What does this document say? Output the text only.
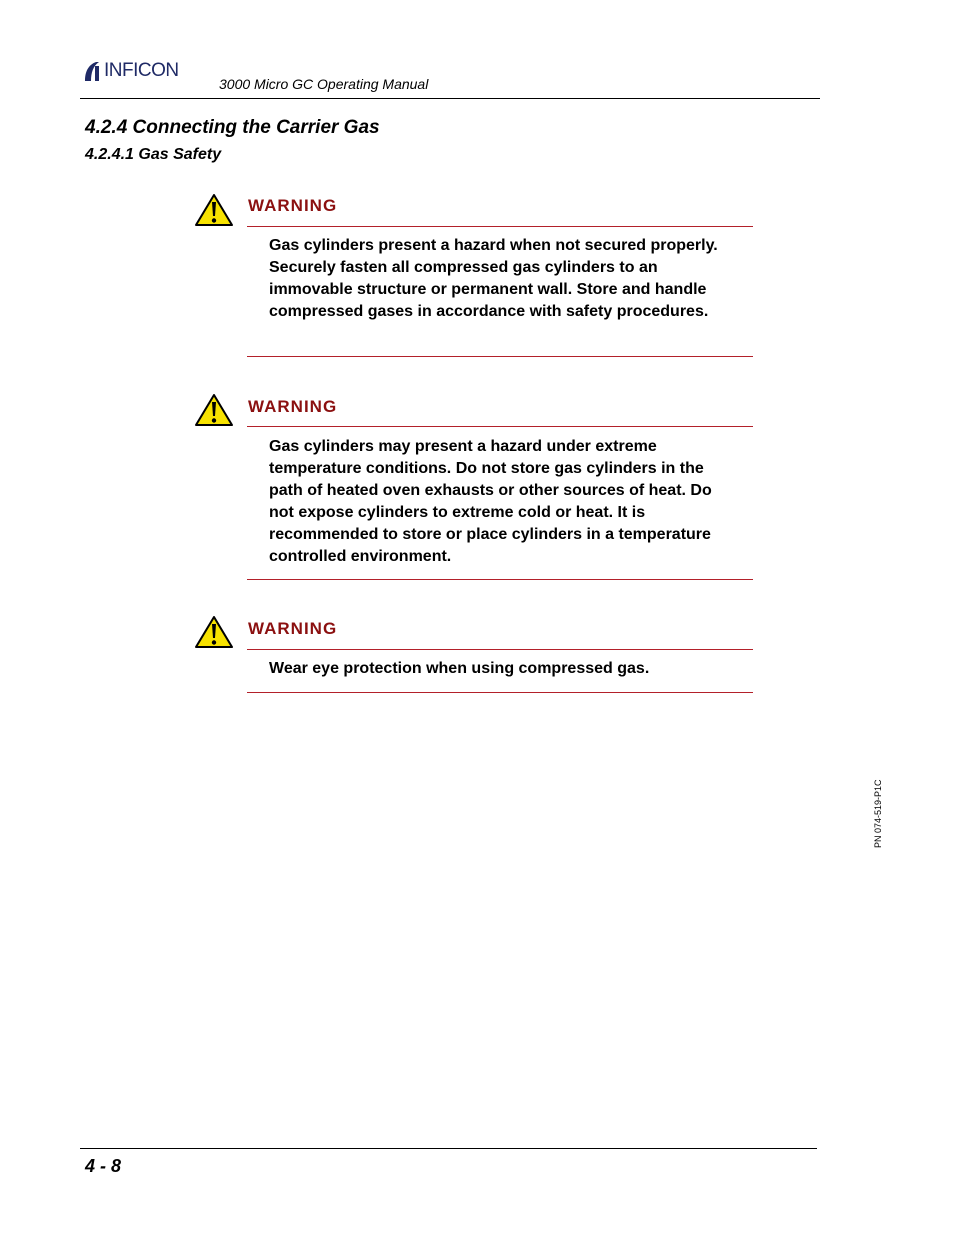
INFICON
3000 Micro GC Operating Manual
4.2.4 Connecting the Carrier Gas
4.2.4.1 Gas Safety
WARNING
Gas cylinders present a hazard when not secured properly. Securely fasten all compressed gas cylinders to an immovable structure or permanent wall. Store and handle compressed gases in accordance with safety procedures.
WARNING
Gas cylinders may present a hazard under extreme temperature conditions. Do not store gas cylinders in the path of heated oven exhausts or other sources of heat. Do not expose cylinders to extreme cold or heat. It is recommended to store or place cylinders in a temperature controlled environment.
WARNING
Wear eye protection when using compressed gas.
PN 074-519-P1C
4 - 8
